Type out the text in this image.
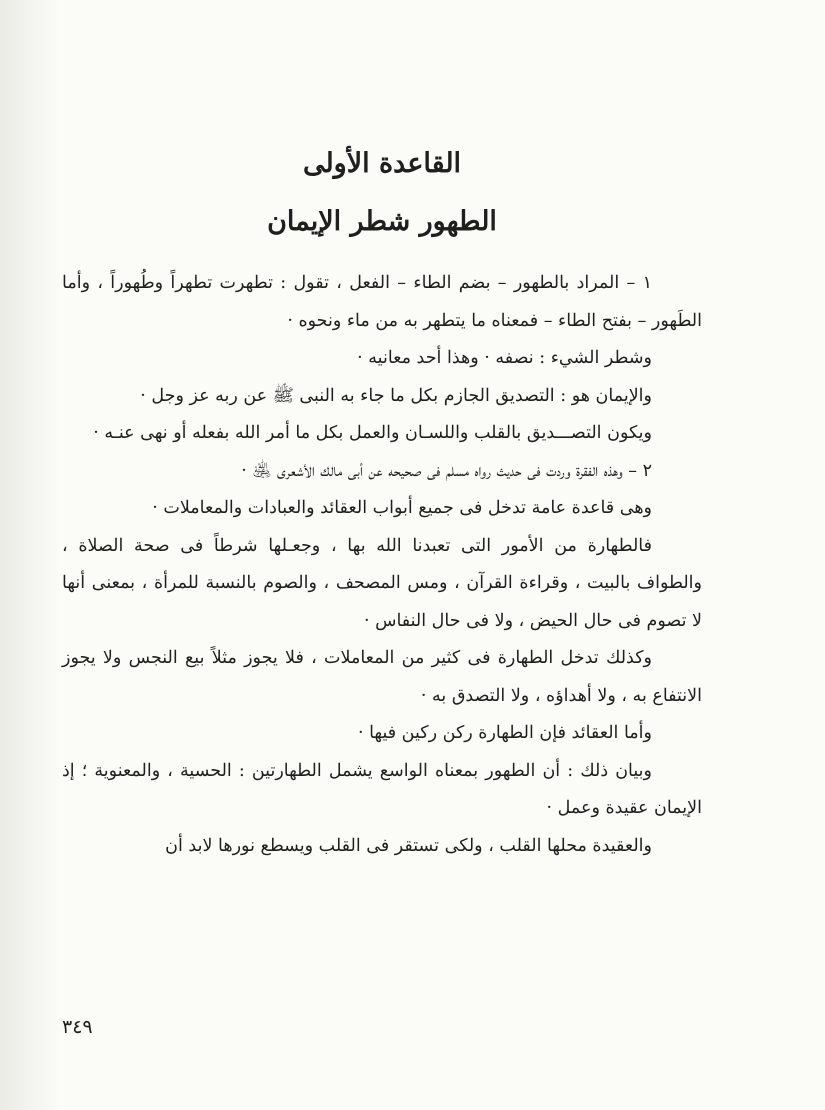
القاعدة الأولى
الطهور شطر الإيمان

١ – المراد بالطهور – بضم الطاء – الفعل ، تقول : تطهرت تطهراً وطُهوراً ، وأما الطَهور – بفتح الطاء – فمعناه ما يتطهر به من ماء ونحوه ·

وشطر الشيء : نصفه · وهذا أحد معانيه ·

والإيمان هو : التصديق الجازم بكل ما جاء به النبى ﷺ عن ربه عز وجل ·

ويكون التصـــديق بالقلب واللسـان والعمل بكل ما أمر الله بفعله أو نهى عنـه ·

٢ – وهذه الفقرة وردت فى حديث رواه مسلم فى صحيحه عن أبى مالك الأشعرى ﵁ ·

وهى قاعدة عامة تدخل فى جميع أبواب العقائد والعبادات والمعاملات ·

فالطهارة من الأمور التى تعبدنا الله بها ، وجعـلها شرطاً فى صحة الصلاة ، والطواف بالبيت ، وقراءة القرآن ، ومس المصحف ، والصوم بالنسبة للمرأة ، بمعنى أنها لا تصوم فى حال الحيض ، ولا فى حال النفاس ·

وكذلك تدخل الطهارة فى كثير من المعاملات ، فلا يجوز مثلاً بيع النجس ولا يجوز الانتفاع به ، ولا أهداؤه ، ولا التصدق به ·

وأما العقائد فإن الطهارة ركن ركين فيها ·

وبيان ذلك : أن الطهور بمعناه الواسع يشمل الطهارتين : الحسية ، والمعنوية ؛ إذ الإيمان عقيدة وعمل ·

والعقيدة محلها القلب ، ولكى تستقر فى القلب ويسطع نورها لابد أن

٣٤٩
